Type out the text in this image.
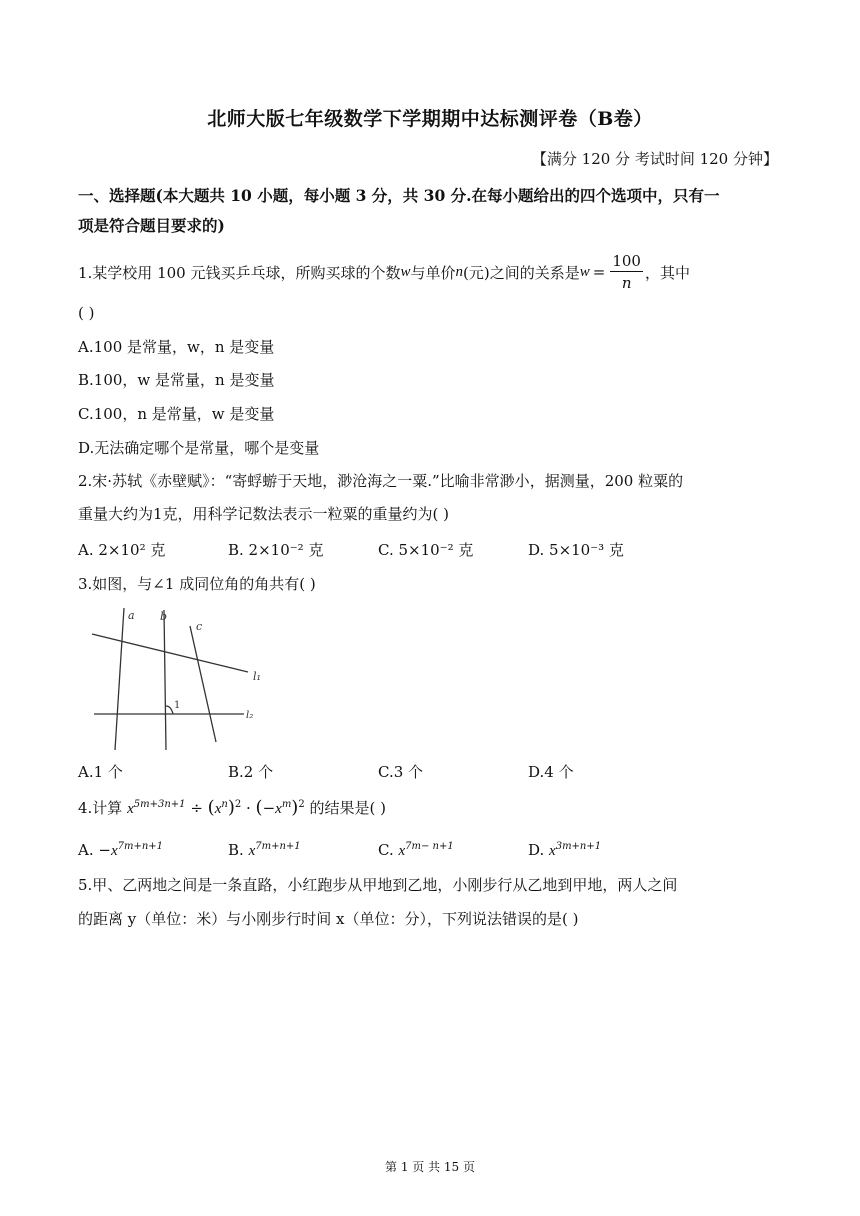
北师大版七年级数学下学期期中达标测评卷（B卷）
【满分 120 分 考试时间 120 分钟】
一、选择题(本大题共 10 小题，每小题 3 分，共 30 分.在每小题给出的四个选项中，只有一
项是符合题目要求的)
1.某学校用 100 元钱买乒乓球，所购买球的个数 w 与单价 n (元)之间的关系是 $w = \frac{100}{n}$ ，其中
( )
A.100 是常量，w，n 是变量
B.100，w 是常量，n 是变量
C.100，n 是常量，w 是变量
D.无法确定哪个是常量，哪个是变量
2.宋·苏轼《赤壁赋》：“寄蜉蝣于天地，渺沧海之一粟.”比喻非常渺小，据测量，200 粒粟的
重量大约为1克，用科学记数法表示一粒粟的重量约为( )
A. 2×10² 克	B. 2×10⁻² 克	C. 5×10⁻² 克	D. 5×10⁻³ 克
3.如图，与∠1 成同位角的角共有( )
a b
c
l₁
l₂
1
A.1 个	B.2 个	C.3 个	D.4 个
4.计算 $x^{5m+3n+1} \div (x^n)^2 \cdot (-x^m)^2$ 的结果是( )
A. $-x^{7m+n+1}$	B. $x^{7m+n+1}$	C. $x^{7m- n+1}$	D. $x^{3m+n+1}$
5.甲、乙两地之间是一条直路，小红跑步从甲地到乙地，小刚步行从乙地到甲地，两人之间
的距离 y（单位：米）与小刚步行时间 x（单位：分），下列说法错误的是( )
第 1 页 共 15 页
